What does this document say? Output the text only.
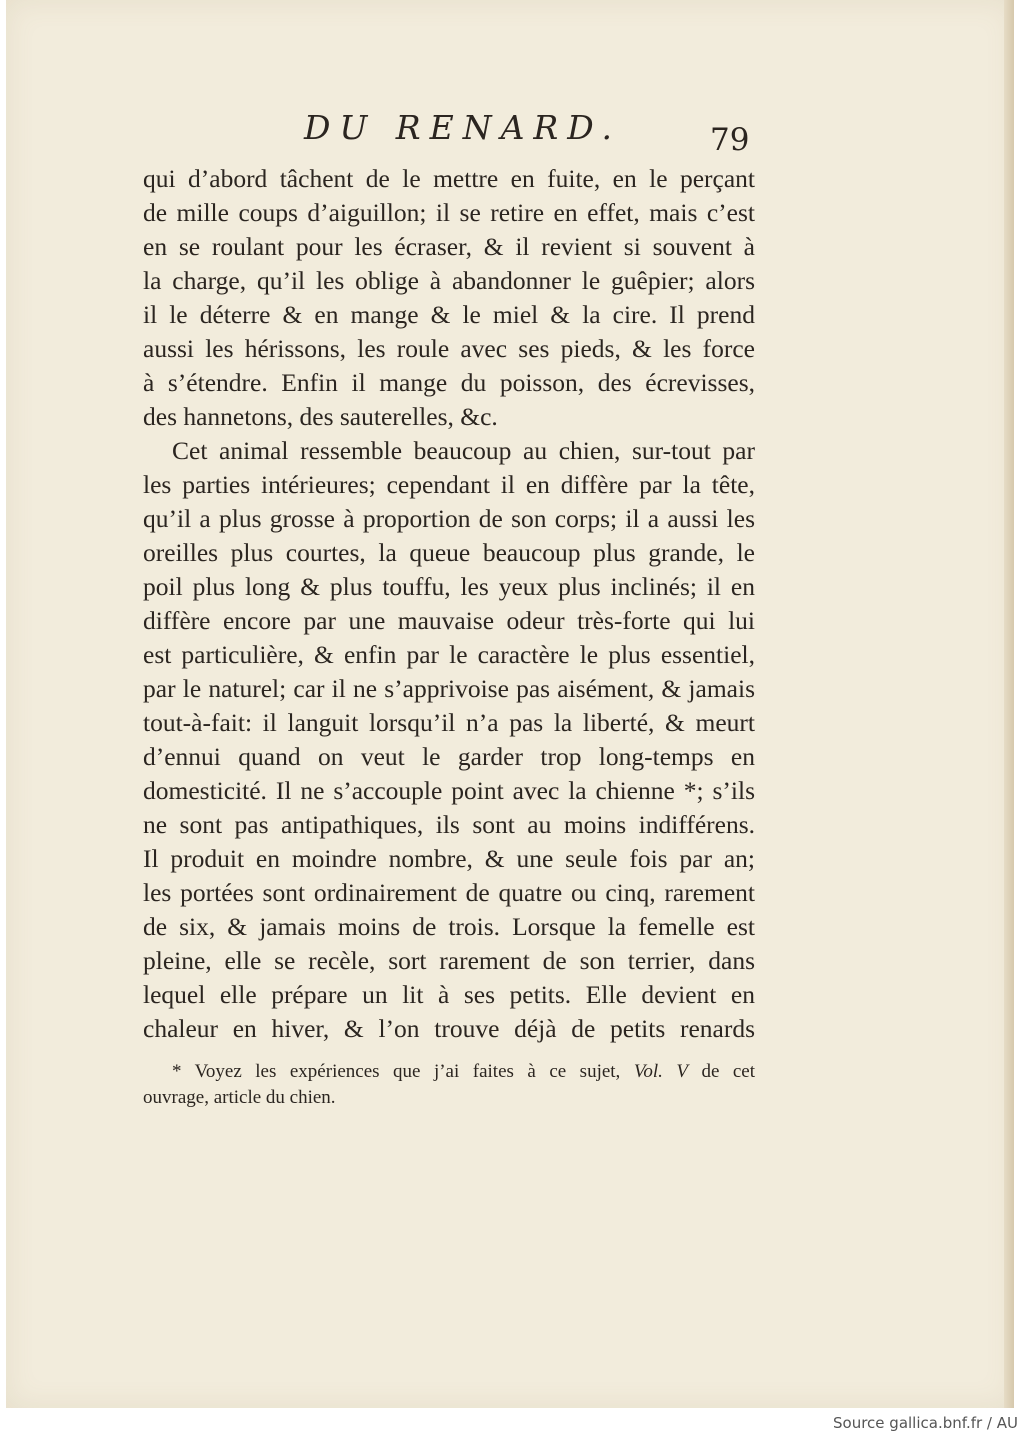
DU RENARD.	79
qui d’abord tâchent de le mettre en fuite, en le perçant
de mille coups d’aiguillon; il se retire en effet, mais c’est
en se roulant pour les écraser, & il revient si souvent à
la charge, qu’il les oblige à abandonner le guêpier; alors
il le déterre & en mange & le miel & la cire. Il prend
aussi les hérissons, les roule avec ses pieds, & les force
à s’étendre. Enfin il mange du poisson, des écrevisses,
des hannetons, des sauterelles, &c.
Cet animal ressemble beaucoup au chien, sur-tout par
les parties intérieures; cependant il en diffère par la tête,
qu’il a plus grosse à proportion de son corps; il a aussi les
oreilles plus courtes, la queue beaucoup plus grande, le
poil plus long & plus touffu, les yeux plus inclinés; il en
diffère encore par une mauvaise odeur très-forte qui lui
est particulière, & enfin par le caractère le plus essentiel,
par le naturel; car il ne s’apprivoise pas aisément, & jamais
tout-à-fait: il languit lorsqu’il n’a pas la liberté, & meurt
d’ennui quand on veut le garder trop long-temps en
domesticité. Il ne s’accouple point avec la chienne *; s’ils
ne sont pas antipathiques, ils sont au moins indifférens.
Il produit en moindre nombre, & une seule fois par an;
les portées sont ordinairement de quatre ou cinq, rarement
de six, & jamais moins de trois. Lorsque la femelle est
pleine, elle se recèle, sort rarement de son terrier, dans
lequel elle prépare un lit à ses petits. Elle devient en
chaleur en hiver, & l’on trouve déjà de petits renards
* Voyez les expériences que j’ai faites à ce sujet, Vol. V de cet
ouvrage, article du chien.
Source gallica.bnf.fr / AU
